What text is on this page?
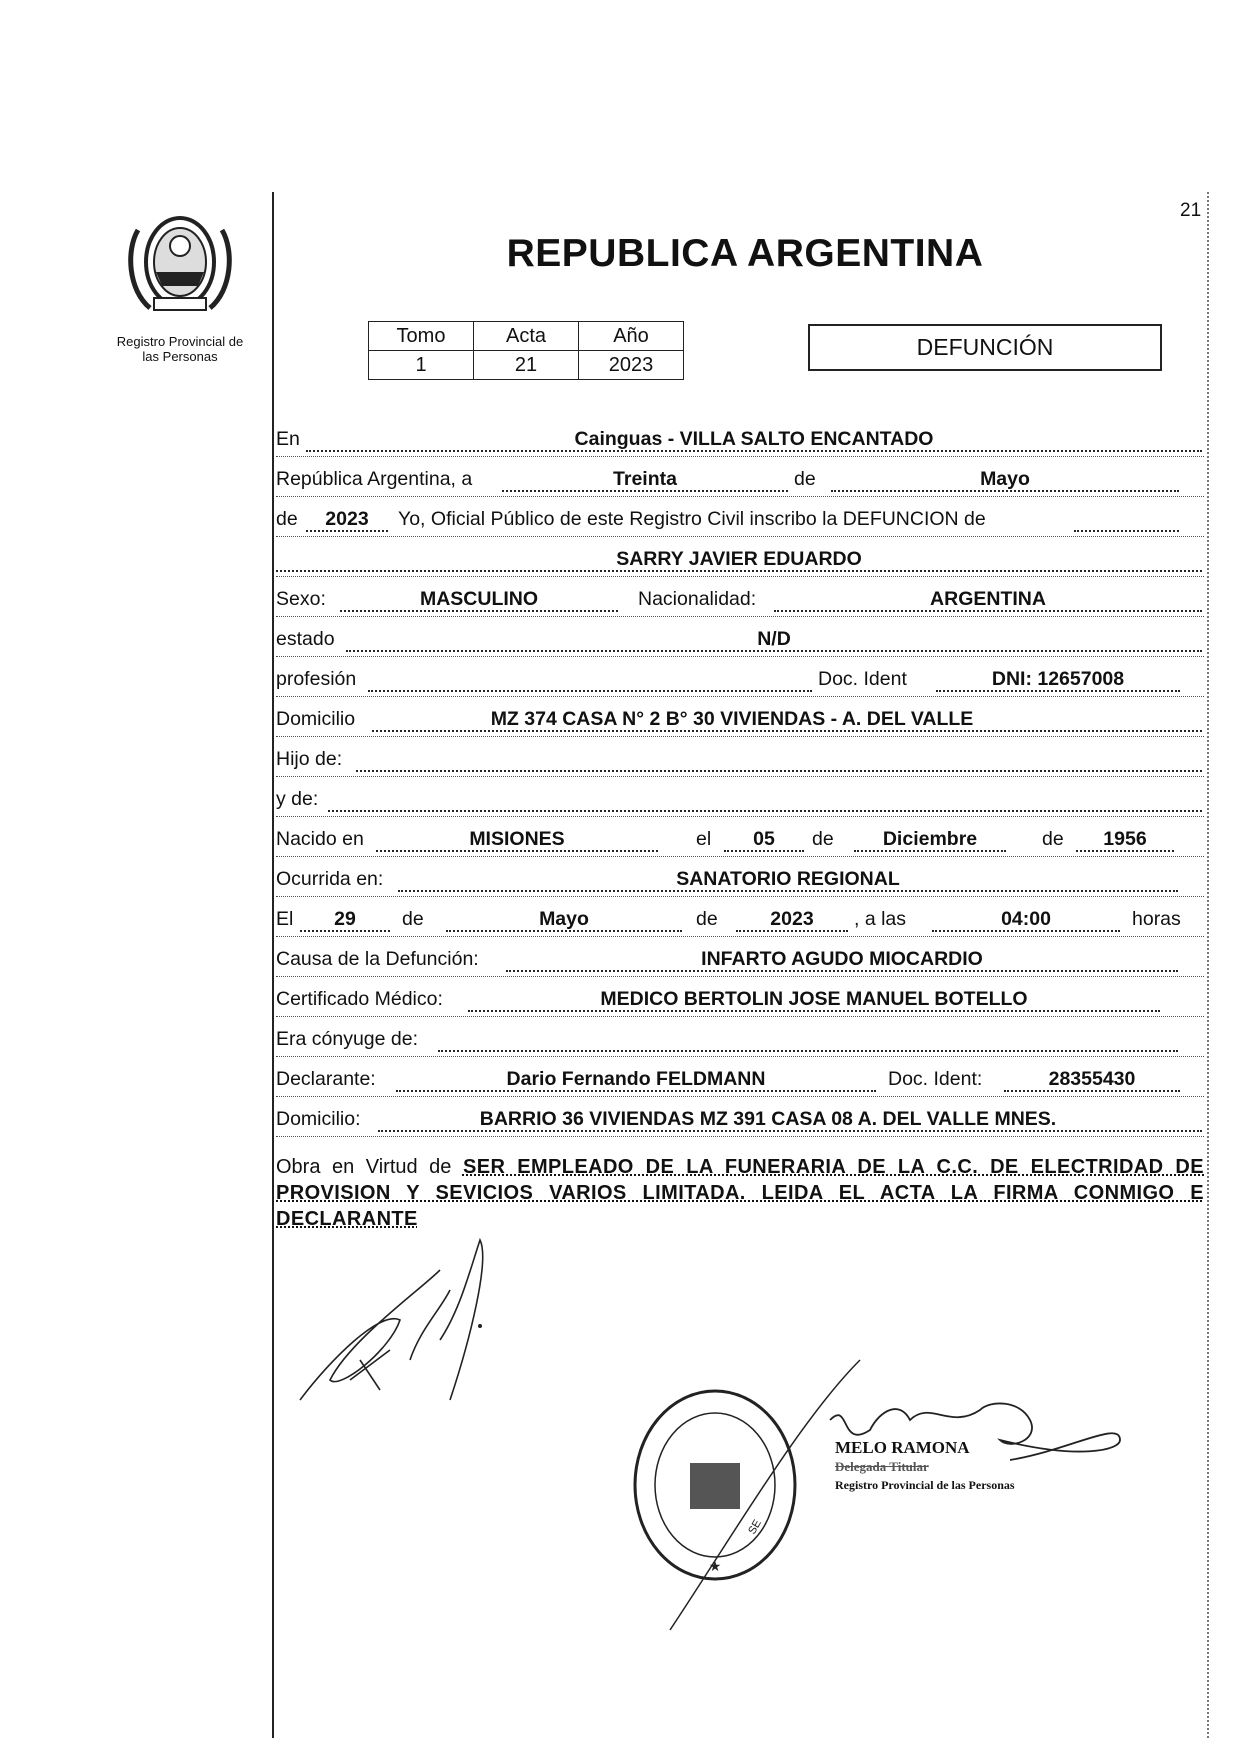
Registro Provincial de
las Personas
21
REPUBLICA ARGENTINA
Tomo	Acta	Año
1	21	2023
DEFUNCIÓN
En	Cainguas - VILLA SALTO ENCANTADO
República Argentina, a	Treinta	de	Mayo
de	2023	Yo, Oficial Público de este Registro Civil inscribo la DEFUNCION de
SARRY JAVIER EDUARDO
Sexo:	MASCULINO	Nacionalidad:	ARGENTINA
estado	N/D
profesión	Doc. Ident	DNI: 12657008
Domicilio	MZ 374 CASA N° 2 B° 30 VIVIENDAS - A. DEL VALLE
Hijo de:
y de:
Nacido en	MISIONES	el	05	de	Diciembre	de	1956
Ocurrida en:	SANATORIO REGIONAL
El	29	de	Mayo	de	2023	, a las	04:00	horas
Causa de la Defunción:	INFARTO AGUDO MIOCARDIO
Certificado Médico:	MEDICO BERTOLIN JOSE MANUEL BOTELLO
Era cónyuge de:
Declarante:	Dario Fernando FELDMANN	Doc. Ident:	28355430
Domicilio:	BARRIO 36 VIVIENDAS MZ 391 CASA 08 A. DEL VALLE MNES.
Obra en Virtud de SER EMPLEADO DE LA FUNERARIA DE LA C.C. DE ELECTRIDAD DE PROVISION Y SEVICIOS VARIOS LIMITADA. LEIDA EL ACTA LA FIRMA CONMIGO E DECLARANTE
SE
★
MELO RAMONA
Delegada Titular
Registro Provincial de las Personas
